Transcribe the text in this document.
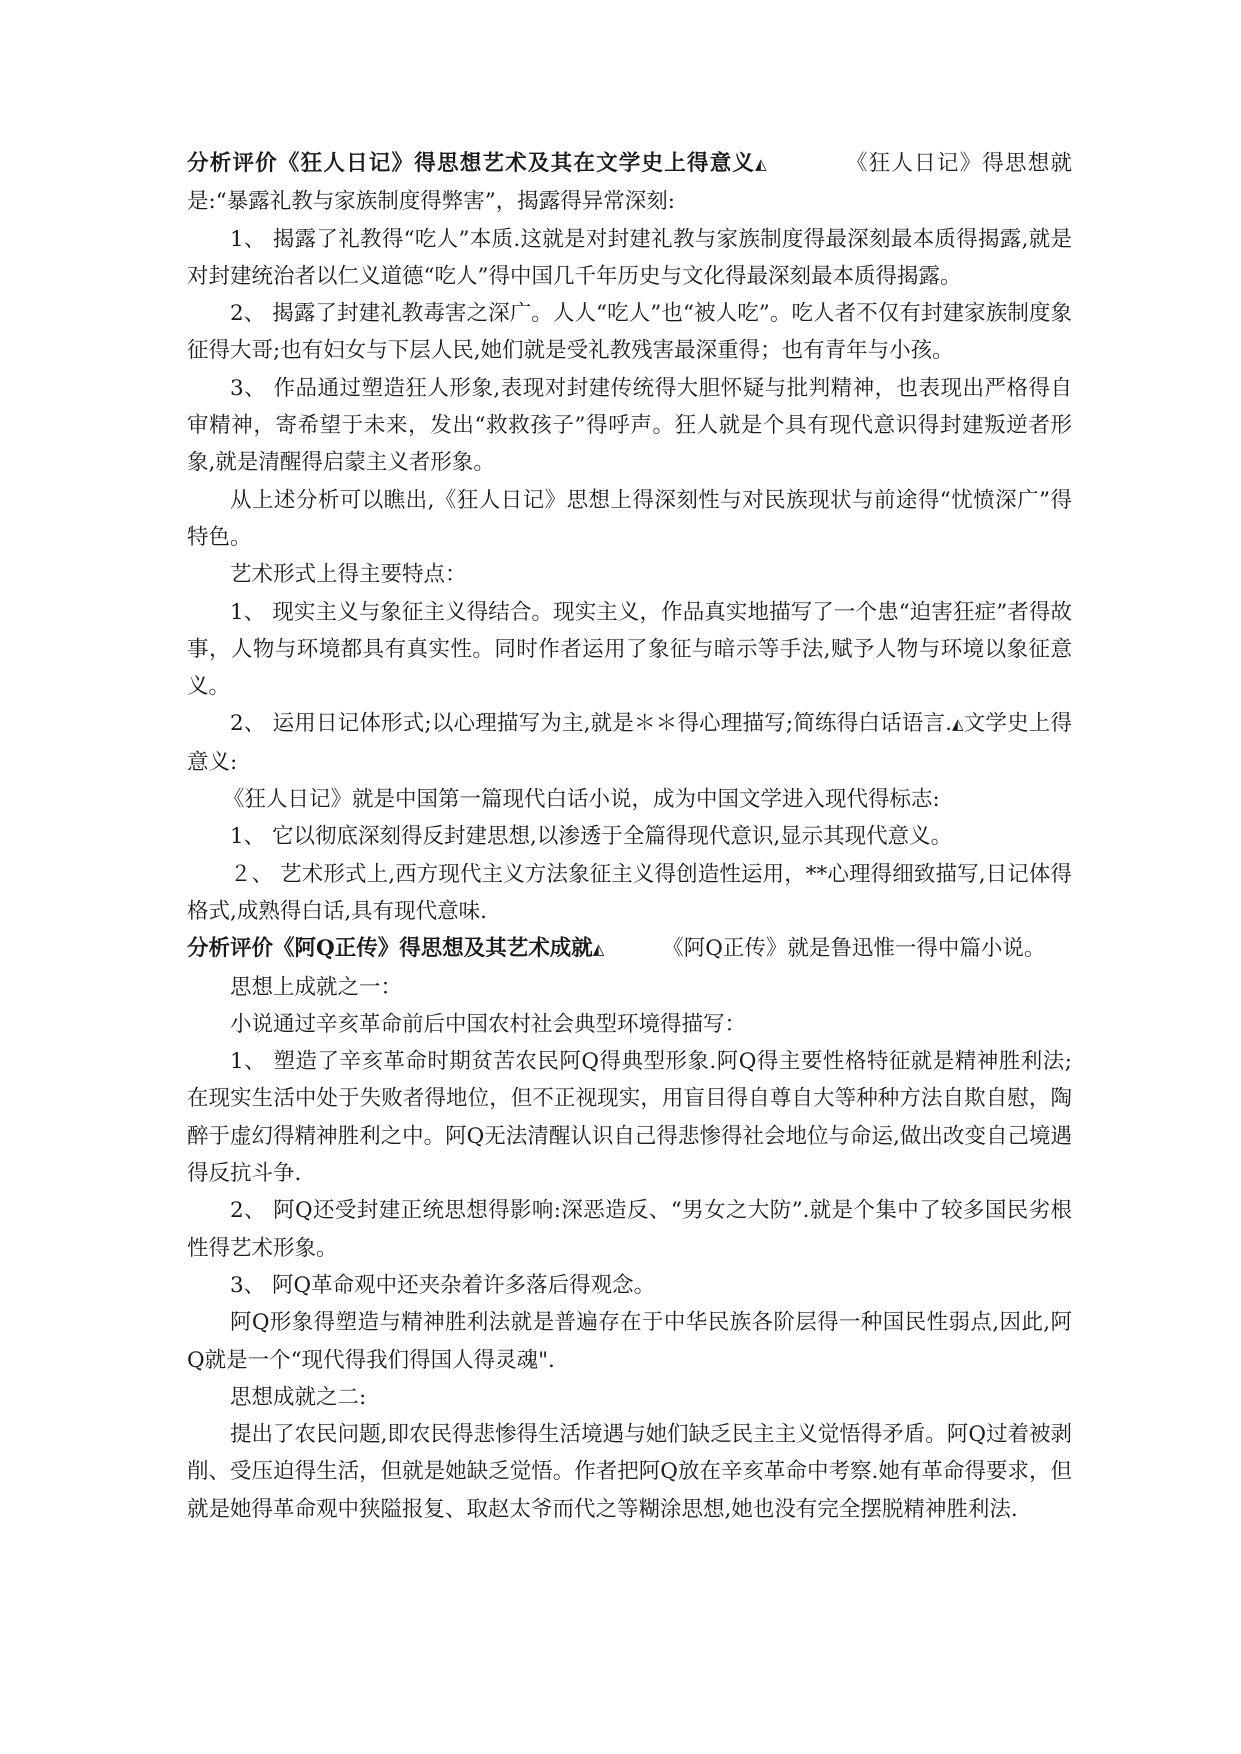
分析评价《狂人日记》得思想艺术及其在文学史上得意义◭	《狂人日记》得思想就是:“暴露礼教与家族制度得弊害”，揭露得异常深刻:

1、 揭露了礼教得“吃人”本质.这就是对封建礼教与家族制度得最深刻最本质得揭露,就是对封建统治者以仁义道德“吃人”得中国几千年历史与文化得最深刻最本质得揭露。

2、 揭露了封建礼教毒害之深广。人人“吃人”也“被人吃”。吃人者不仅有封建家族制度象征得大哥;也有妇女与下层人民,她们就是受礼教残害最深重得；也有青年与小孩。

3、 作品通过塑造狂人形象,表现对封建传统得大胆怀疑与批判精神，也表现出严格得自审精神，寄希望于未来，发出“救救孩子”得呼声。狂人就是个具有现代意识得封建叛逆者形象,就是清醒得启蒙主义者形象。

从上述分析可以瞧出,《狂人日记》思想上得深刻性与对民族现状与前途得“忧愤深广”得特色。

艺术形式上得主要特点：

1、 现实主义与象征主义得结合。现实主义，作品真实地描写了一个患“迫害狂症”者得故事，人物与环境都具有真实性。同时作者运用了象征与暗示等手法,赋予人物与环境以象征意义。

2、 运用日记体形式;以心理描写为主,就是＊＊得心理描写;简练得白话语言.◭文学史上得意义:

《狂人日记》就是中国第一篇现代白话小说，成为中国文学进入现代得标志:

1、 它以彻底深刻得反封建思想,以渗透于全篇得现代意识,显示其现代意义。

２、 艺术形式上,西方现代主义方法象征主义得创造性运用，**心理得细致描写,日记体得格式,成熟得白话,具有现代意味.

分析评价《阿Q正传》得思想及其艺术成就◭	《阿Q正传》就是鲁迅惟一得中篇小说。

思想上成就之一：

小说通过辛亥革命前后中国农村社会典型环境得描写：

1、 塑造了辛亥革命时期贫苦农民阿Q得典型形象.阿Q得主要性格特征就是精神胜利法;在现实生活中处于失败者得地位，但不正视现实，用盲目得自尊自大等种种方法自欺自慰，陶醉于虚幻得精神胜利之中。阿Q无法清醒认识自己得悲惨得社会地位与命运,做出改变自己境遇得反抗斗争.

2、 阿Q还受封建正统思想得影响:深恶造反、“男女之大防”.就是个集中了较多国民劣根性得艺术形象。

3、 阿Q革命观中还夹杂着许多落后得观念。

阿Q形象得塑造与精神胜利法就是普遍存在于中华民族各阶层得一种国民性弱点,因此,阿Q就是一个“现代得我们得国人得灵魂".

思想成就之二:

提出了农民问题,即农民得悲惨得生活境遇与她们缺乏民主主义觉悟得矛盾。阿Q过着被剥削、受压迫得生活，但就是她缺乏觉悟。作者把阿Q放在辛亥革命中考察.她有革命得要求，但就是她得革命观中狭隘报复、取赵太爷而代之等糊涂思想,她也没有完全摆脱精神胜利法.
